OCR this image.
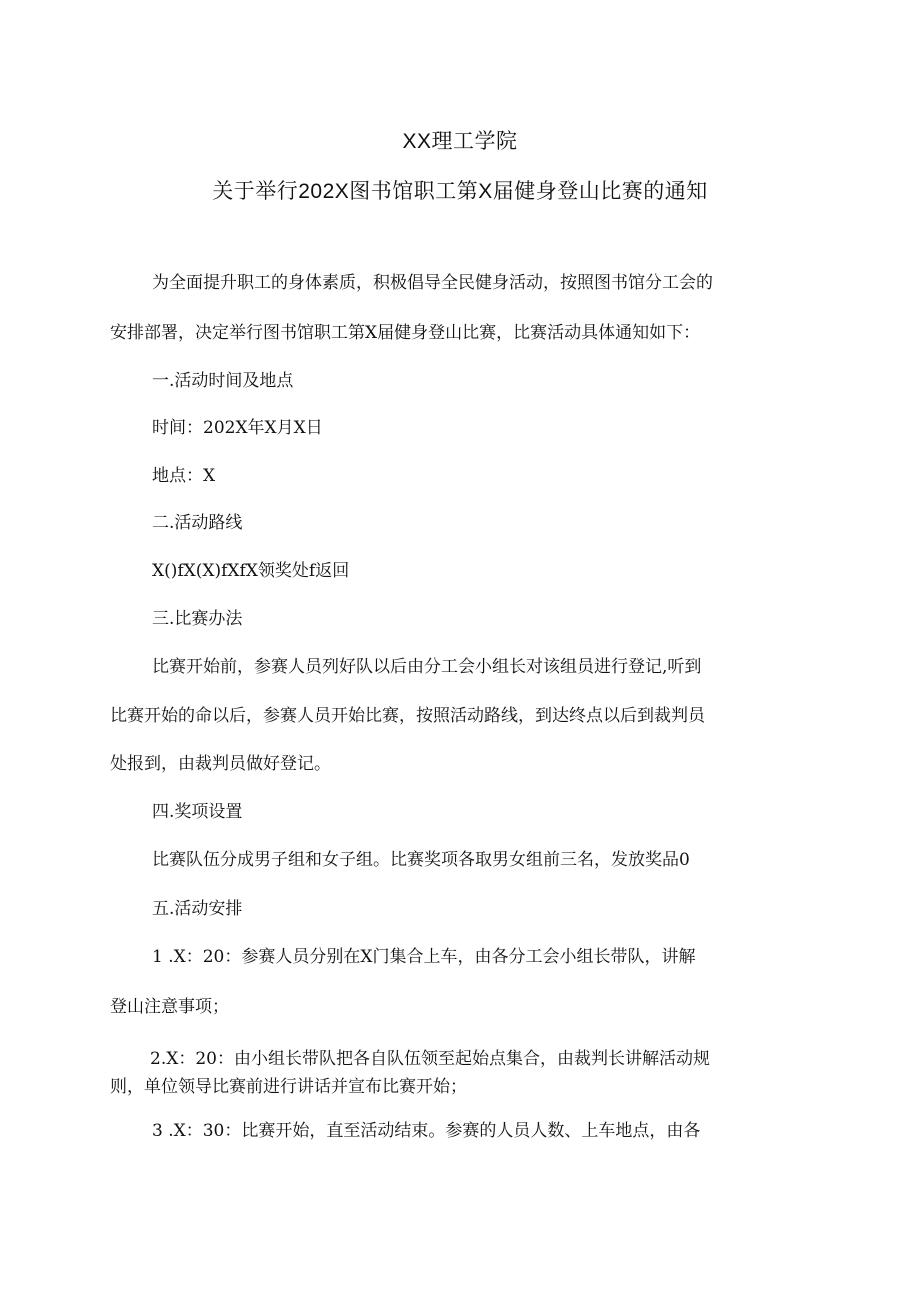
XX理工学院
关于举行202X图书馆职工第X届健身登山比赛的通知
为全面提升职工的身体素质，积极倡导全民健身活动，按照图书馆分工会的
安排部署，决定举行图书馆职工第X届健身登山比赛，比赛活动具体通知如下：
一.活动时间及地点
时间：202X年X月X日
地点：X
二.活动路线
X()fX(X)fXfX领奖处f返回
三.比赛办法
比赛开始前，参赛人员列好队以后由分工会小组长对该组员进行登记,听到
比赛开始的命以后，参赛人员开始比赛，按照活动路线，到达终点以后到裁判员
处报到，由裁判员做好登记。
四.奖项设置
比赛队伍分成男子组和女子组。比赛奖项各取男女组前三名，发放奖品0
五.活动安排
1 .X：20：参赛人员分别在X门集合上车，由各分工会小组长带队，讲解
登山注意事项；
2.X：20：由小组长带队把各自队伍领至起始点集合，由裁判长讲解活动规
则，单位领导比赛前进行讲话并宣布比赛开始；
3 .X：30：比赛开始，直至活动结束。参赛的人员人数、上车地点，由各
